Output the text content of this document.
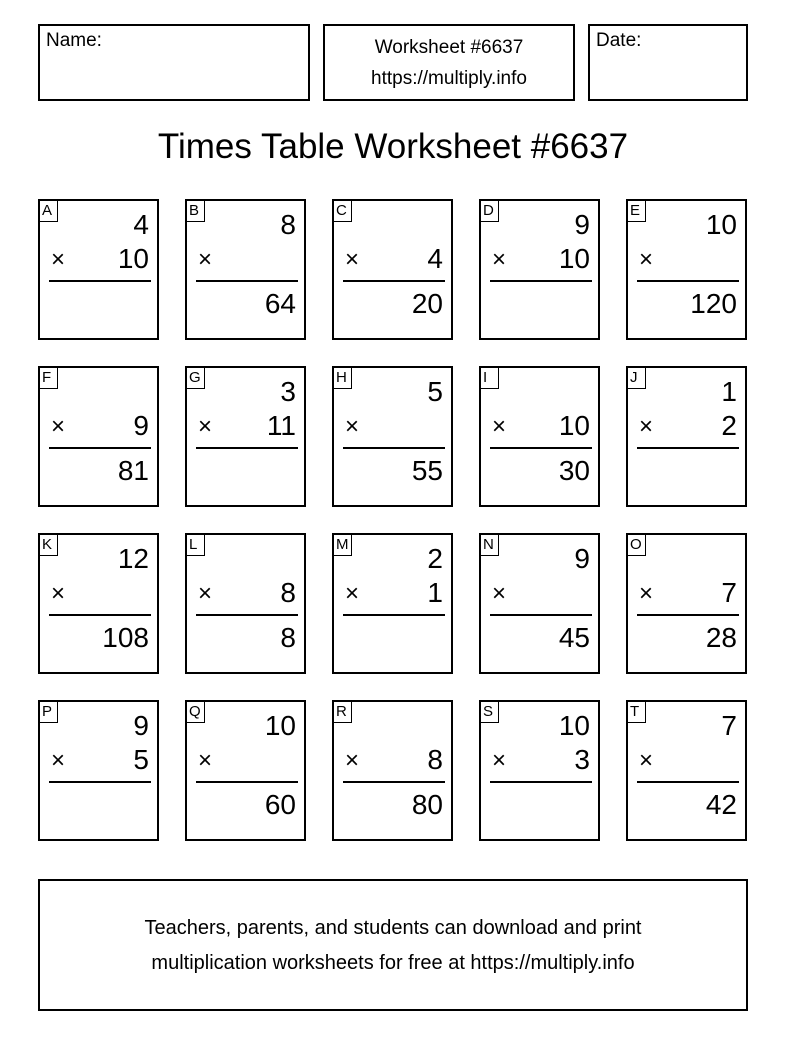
Name:	Worksheet #6637
https://multiply.info
Date:
Times Table Worksheet #6637
A	4
× 10
B	8
×
64
C
× 4
20
D	9
× 10
E 10
×
120
F
× 9
81
G	3
× 11
H	5
×
55
I
× 10
30
J	1
× 2
K 12
×
108
L
× 8
8
M	2
× 1
N	9
×
45
O
× 7
28
P	9
× 5
Q 10
×
60
R
× 8
80
S 10
× 3
T	7
×
42
Teachers, parents, and students can download and print
multiplication worksheets for free at https://multiply.info
